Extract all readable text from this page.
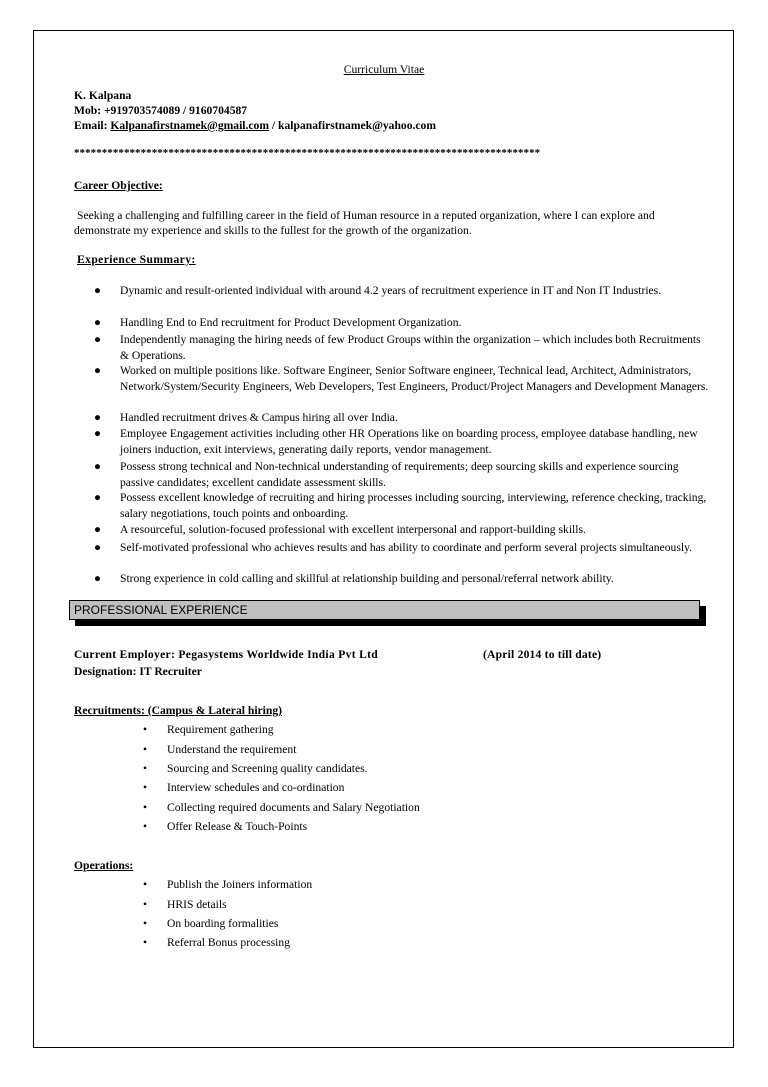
Curriculum Vitae
K. Kalpana
Mob: +919703574089 / 9160704587
Email: Kalpanafirstnamek@gmail.com / kalpanafirstnamek@yahoo.com
************************************************************************************
Career Objective:
Seeking a challenging and fulfilling career in the field of Human resource in a reputed organization, where I can explore and demonstrate my experience and skills to the fullest for the growth of the organization.
Experience Summary:
● Dynamic and result-oriented individual with around 4.2 years of recruitment experience in IT and Non IT Industries.
● Handling End to End recruitment for Product Development Organization.
● Independently managing the hiring needs of few Product Groups within the organization – which includes both Recruitments & Operations.
● Worked on multiple positions like. Software Engineer, Senior Software engineer, Technical lead, Architect, Administrators, Network/System/Security Engineers, Web Developers, Test Engineers, Product/Project Managers and Development Managers.
● Handled recruitment drives & Campus hiring all over India.
● Employee Engagement activities including other HR Operations like on boarding process, employee database handling, new joiners induction, exit interviews, generating daily reports, vendor management.
● Possess strong technical and Non-technical understanding of requirements; deep sourcing skills and experience sourcing passive candidates; excellent candidate assessment skills.
● Possess excellent knowledge of recruiting and hiring processes including sourcing, interviewing, reference checking, tracking, salary negotiations, touch points and onboarding.
● A resourceful, solution-focused professional with excellent interpersonal and rapport-building skills.
● Self-motivated professional who achieves results and has ability to coordinate and perform several projects simultaneously.
● Strong experience in cold calling and skillful at relationship building and personal/referral network ability.
PROFESSIONAL EXPERIENCE
Current Employer: Pegasystems Worldwide India Pvt Ltd	(April 2014 to till date)
Designation: IT Recruiter
Recruitments: (Campus & Lateral hiring)
• Requirement gathering
• Understand the requirement
• Sourcing and Screening quality candidates.
• Interview schedules and co-ordination
• Collecting required documents and Salary Negotiation
• Offer Release & Touch-Points
Operations:
• Publish the Joiners information
• HRIS details
• On boarding formalities
• Referral Bonus processing
